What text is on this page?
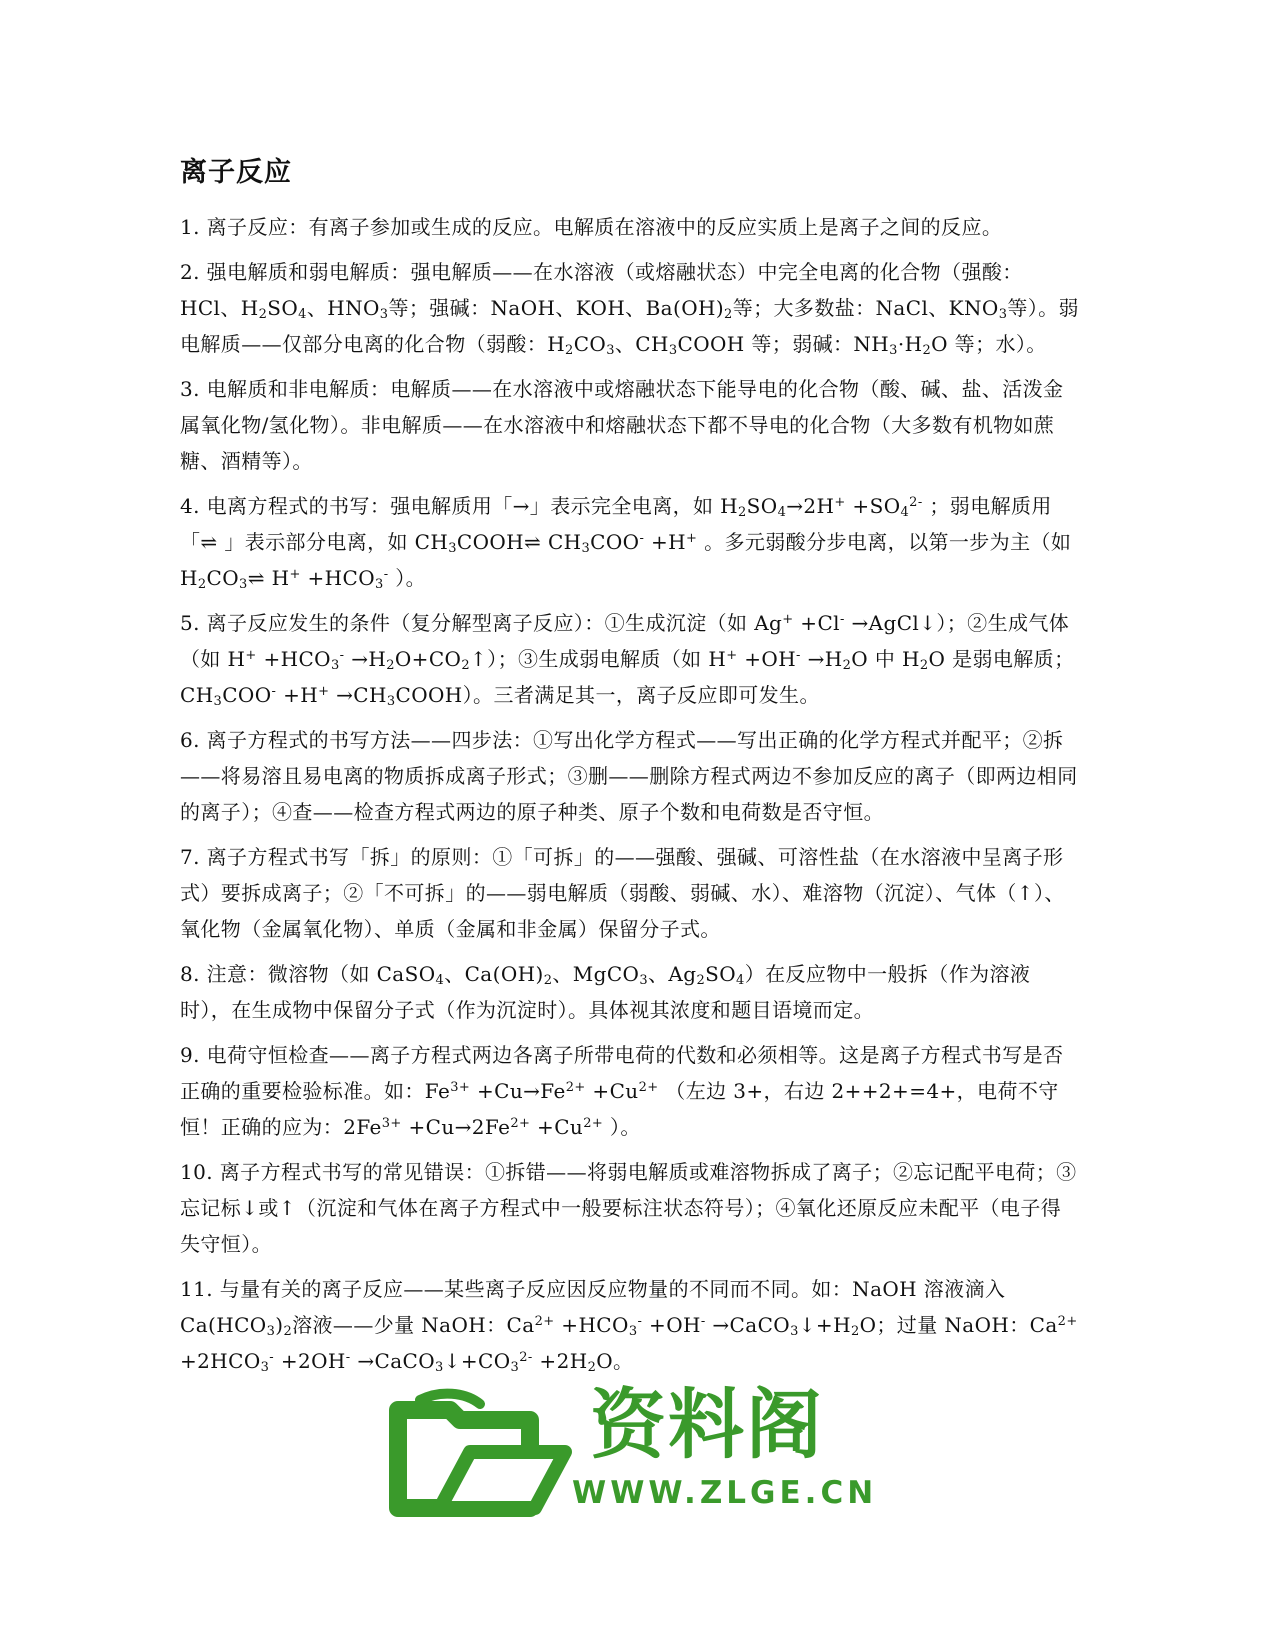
离子反应

1. 离子反应：有离子参加或生成的反应。电解质在溶液中的反应实质上是离子之间的反应。

2. 强电解质和弱电解质：强电解质——在水溶液（或熔融状态）中完全电离的化合物（强酸：HCl、$H_2SO_4$、$HNO_3$等；强碱：NaOH、KOH、$Ba(OH)_2$等；大多数盐：NaCl、$KNO_3$等）。弱电解质——仅部分电离的化合物（弱酸：$H_2CO_3$、$CH_3COOH$ 等；弱碱：$NH_3\cdot H_2O$ 等；水）。

3. 电解质和非电解质：电解质——在水溶液中或熔融状态下能导电的化合物（酸、碱、盐、活泼金属氧化物/氢化物）。非电解质——在水溶液中和熔融状态下都不导电的化合物（大多数有机物如蔗糖、酒精等）。

4. 电离方程式的书写：强电解质用「→」表示完全电离，如 $H_2SO_4\to 2H^+ +SO_4^{2-}$ ；弱电解质用「⇌ 」表示部分电离，如 $CH_3COOH\rightleftharpoons$ $CH_3COO^- +H^+$ 。多元弱酸分步电离，以第一步为主（如 $H_2CO_3\rightleftharpoons$ $H^+ +HCO_3^-$ ）。

5. 离子反应发生的条件（复分解型离子反应）：①生成沉淀（如 Ag+ +Cl- →AgCl↓）；②生成气体（如 $H^+ +HCO_3^-$ $\to H_2O+CO_2↑$）；③生成弱电解质（如 $H^+ +OH^- \to H_2O$ 中 $H_2O$ 是弱电解质；$CH_3COO^- +H^+$ $\to CH_3COOH$）。三者满足其一，离子反应即可发生。

6. 离子方程式的书写方法——四步法：①写出化学方程式——写出正确的化学方程式并配平；②拆——将易溶且易电离的物质拆成离子形式；③删——删除方程式两边不参加反应的离子（即两边相同的离子）；④查——检查方程式两边的原子种类、原子个数和电荷数是否守恒。

7. 离子方程式书写「拆」的原则：①「可拆」的——强酸、强碱、可溶性盐（在水溶液中呈离子形式）要拆成离子；②「不可拆」的——弱电解质（弱酸、弱碱、水）、难溶物（沉淀）、气体（↑）、氧化物（金属氧化物）、单质（金属和非金属）保留分子式。

8. 注意：微溶物（如 CaSO$_4$、$Ca(OH)_2$、MgCO$_3$、$Ag_2SO_4$）在反应物中一般拆（作为溶液时），在生成物中保留分子式（作为沉淀时）。具体视其浓度和题目语境而定。

9. 电荷守恒检查——离子方程式两边各离子所带电荷的代数和必须相等。这是离子方程式书写是否正确的重要检验标准。如：$Fe^{3+} +Cu\to Fe^{2+} +Cu^{2+}$ （左边 3+，右边 2++2+=4+，电荷不守恒！正确的应为：$2Fe^{3+} +Cu\to 2Fe^{2+} +Cu^{2+}$ ）。

10. 离子方程式书写的常见错误：①拆错——将弱电解质或难溶物拆成了离子；②忘记配平电荷；③忘记标↓或↑（沉淀和气体在离子方程式中一般要标注状态符号）；④氧化还原反应未配平（电子得失守恒）。

11. 与量有关的离子反应——某些离子反应因反应物量的不同而不同。如：NaOH 溶液滴入 $Ca(HCO_3)_2$溶液——少量 NaOH：$Ca^{2+} +HCO_3^- +OH^-$ $\to CaCO_3↓+H_2O$；过量 NaOH：$Ca^{2+} +2HCO_3^- +2OH^-$ $\to CaCO_3↓+CO_3^{2-} +2H_2O$。

资料阁
WWW.ZLGE.CN
